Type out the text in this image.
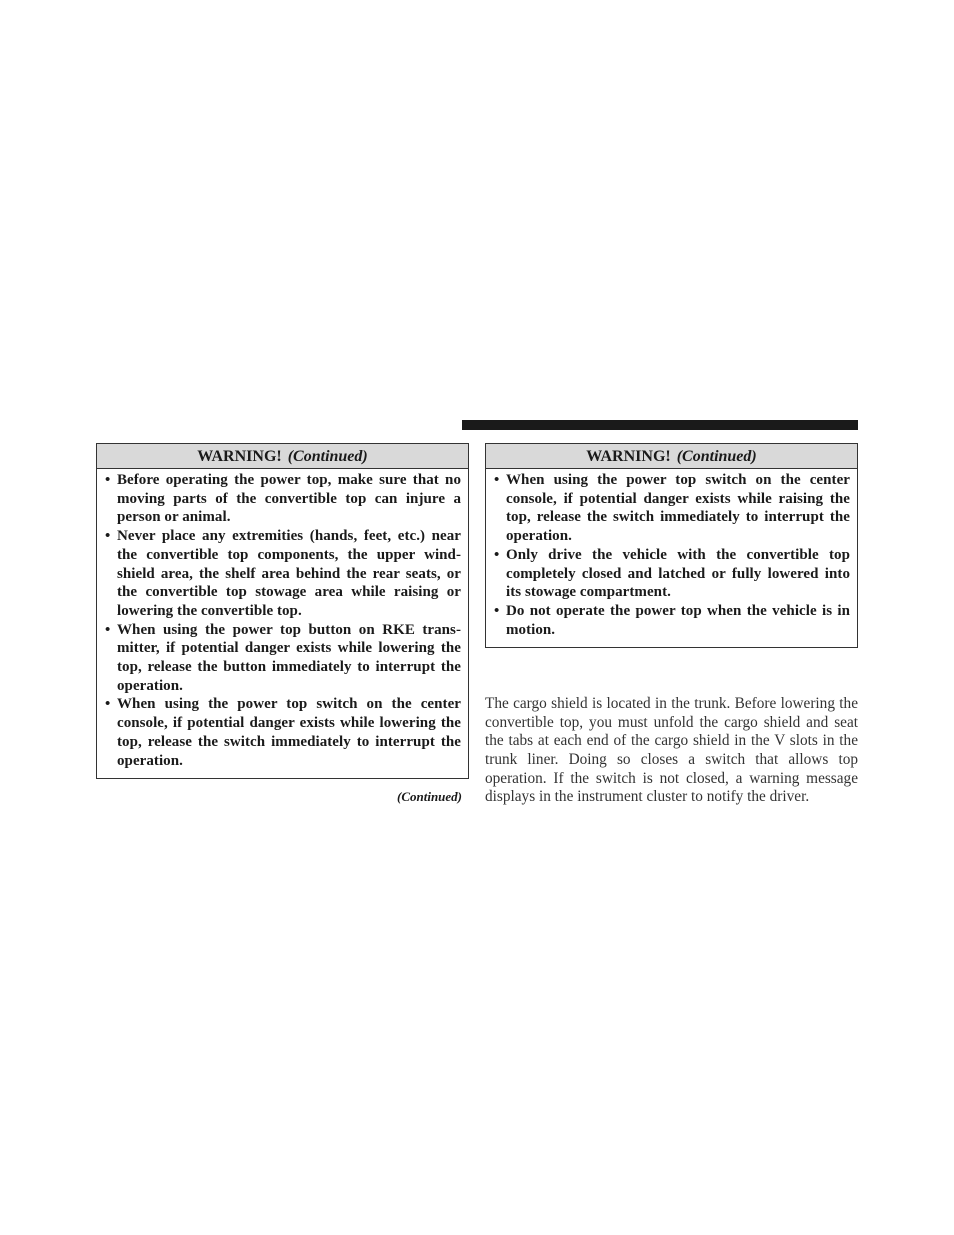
WARNING! (Continued)
• Before operating the power top, make sure that no moving parts of the convertible top can injure a person or animal.
• Never place any extremities (hands, feet, etc.) near the convertible top components, the upper wind-shield area, the shelf area behind the rear seats, or the convertible top stowage area while raising or lowering the convertible top.
• When using the power top button on RKE trans-mitter, if potential danger exists while lowering the top, release the button immediately to interrupt the operation.
• When using the power top switch on the center console, if potential danger exists while lowering the top, release the switch immediately to interrupt the operation.
(Continued)
WARNING! (Continued)
• When using the power top switch on the center console, if potential danger exists while raising the top, release the switch immediately to interrupt the operation.
• Only drive the vehicle with the convertible top completely closed and latched or fully lowered into its stowage compartment.
• Do not operate the power top when the vehicle is in motion.

The cargo shield is located in the trunk. Before lowering the convertible top, you must unfold the cargo shield and seat the tabs at each end of the cargo shield in the V slots in the trunk liner. Doing so closes a switch that allows top operation. If the switch is not closed, a warning message displays in the instrument cluster to notify the driver.
